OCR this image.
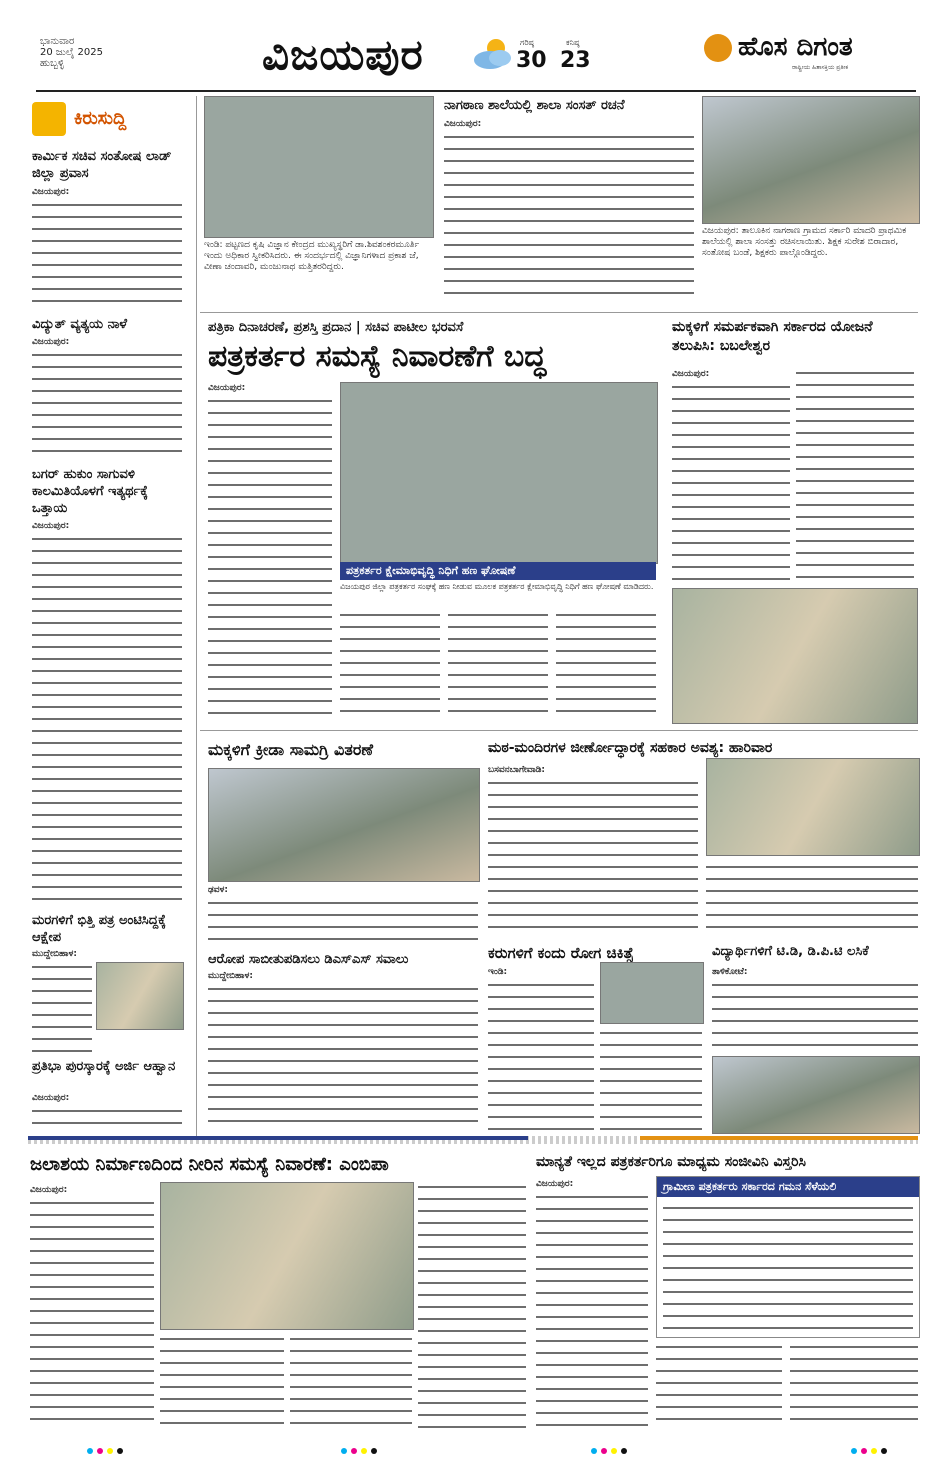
ಭಾನುವಾರ
20 ಜುಲೈ 2025
ಹುಬ್ಬಳ್ಳಿ	ವಿಜಯಪುರ	ಗರಿಷ್ಠ
30
ಕನಿಷ್ಠ
23	ಹೊಸ ದಿಗಂತ
ರಾಷ್ಟ್ರೀಯ ಹಿತಾಸಕ್ತಿಯ ಪ್ರತೀಕ
ಕಿರುಸುದ್ದಿ
ಕಾರ್ಮಿಕ ಸಚಿವ ಸಂತೋಷ ಲಾಡ್ ಜಿಲ್ಲಾ ಪ್ರವಾಸ
ವಿಜಯಪುರ:
ವಿದ್ಯುತ್ ವ್ಯತ್ಯಯ ನಾಳೆ
ವಿಜಯಪುರ:
ಬಗರ್ ಹುಕುಂ ಸಾಗುವಳಿ ಕಾಲಮಿತಿಯೊಳಗೆ ಇತ್ಯರ್ಥಕ್ಕೆ ಒತ್ತಾಯ
ವಿಜಯಪುರ:
ಮರಗಳಿಗೆ ಭಿತ್ತಿ ಪತ್ರ ಅಂಟಿಸಿದ್ದಕ್ಕೆ ಆಕ್ಷೇಪ
ಮುದ್ದೇಬಿಹಾಳ:
ಪ್ರತಿಭಾ ಪುರಸ್ಕಾರಕ್ಕೆ ಅರ್ಜಿ ಆಹ್ವಾನ
ವಿಜಯಪುರ:
ಇಂಡಿ: ಪಟ್ಟಣದ ಕೃಷಿ ವಿಜ್ಞಾನ ಕೇಂದ್ರದ ಮುಖ್ಯಸ್ಥರಿಗೆ ಡಾ.ಶಿವಶಂಕರಮೂರ್ತಿ ಇಂದು ಅಧಿಕಾರ ಸ್ವೀಕರಿಸಿದರು. ಈ ಸಂದರ್ಭದಲ್ಲಿ ವಿಜ್ಞಾನಿಗಳಾದ ಪ್ರಕಾಶ ಜೆ, ವೀಣಾ ಚಂದಾವರಿ, ಮಂಜುನಾಥ ಮತ್ತಿತರರಿದ್ದರು.
ನಾಗಠಾಣ ಶಾಲೆಯಲ್ಲಿ ಶಾಲಾ ಸಂಸತ್ ರಚನೆ
ವಿಜಯಪುರ:
ವಿಜಯಪುರ: ತಾಲೂಕಿನ ನಾಗಠಾಣ ಗ್ರಾಮದ ಸರ್ಕಾರಿ ಮಾದರಿ ಪ್ರಾಥಮಿಕ ಶಾಲೆಯಲ್ಲಿ ಶಾಲಾ ಸಂಸತ್ತು ರಚಿಸಲಾಯಿತು. ಶಿಕ್ಷಕ ಸುರೇಶ ಬಿರಾದಾರ, ಸಂತೋಷ ಬಂಡೆ, ಶಿಕ್ಷಕರು ಪಾಲ್ಗೊಂಡಿದ್ದರು.
ಪತ್ರಿಕಾ ದಿನಾಚರಣೆ, ಪ್ರಶಸ್ತಿ ಪ್ರದಾನ | ಸಚಿವ ಪಾಟೀಲ ಭರವಸೆ
ಪತ್ರಕರ್ತರ ಸಮಸ್ಯೆ ನಿವಾರಣೆಗೆ ಬದ್ಧ
ವಿಜಯಪುರ:
ಪತ್ರಕರ್ತರ ಕ್ಷೇಮಾಭಿವೃದ್ಧಿ ನಿಧಿಗೆ ಹಣ ಘೋಷಣೆ
ವಿಜಯಪುರ ಜಿಲ್ಲಾ ಪತ್ರಕರ್ತರ ಸಂಘಕ್ಕೆ ಹಣ ನೀಡುವ ಮೂಲಕ ಪತ್ರಕರ್ತರ ಕ್ಷೇಮಾಭಿವೃದ್ಧಿ ನಿಧಿಗೆ ಹಣ ಘೋಷಣೆ ಮಾಡಿದರು.
ಮಕ್ಕಳಿಗೆ ಸಮರ್ಪಕವಾಗಿ ಸರ್ಕಾರದ ಯೋಜನೆ ತಲುಪಿಸಿ: ಬಬಲೇಶ್ವರ
ವಿಜಯಪುರ:
ಮಕ್ಕಳಿಗೆ ಕ್ರೀಡಾ ಸಾಮಗ್ರಿ ವಿತರಣೆ
ಢವಳ:
ಮಠ-ಮಂದಿರಗಳ ಜೀರ್ಣೋದ್ಧಾರಕ್ಕೆ ಸಹಕಾರ ಅವಶ್ಯ: ಹಾರಿವಾರ
ಬಸವನಬಾಗೇವಾಡಿ:
ಆರೋಪ ಸಾಬೀತುಪಡಿಸಲು ಡಿಎಸ್‌ಎಸ್ ಸವಾಲು
ಮುದ್ದೇಬಿಹಾಳ:
ಕರುಗಳಿಗೆ ಕಂದು ರೋಗ ಚಿಕಿತ್ಸೆ
ಇಂಡಿ:
ವಿದ್ಯಾರ್ಥಿಗಳಿಗೆ ಟಿ.ಡಿ, ಡಿ.ಪಿ.ಟಿ ಲಸಿಕೆ
ತಾಳಿಕೋಟೆ:
ಜಲಾಶಯ ನಿರ್ಮಾಣದಿಂದ ನೀರಿನ ಸಮಸ್ಯೆ ನಿವಾರಣೆ: ಎಂಬಿಪಾ
ವಿಜಯಪುರ:
ಮಾನ್ಯತೆ ಇಲ್ಲದ ಪತ್ರಕರ್ತರಿಗೂ ಮಾಧ್ಯಮ ಸಂಜೀವಿನಿ ವಿಸ್ತರಿಸಿ
ವಿಜಯಪುರ:	ಗ್ರಾಮೀಣ ಪತ್ರಕರ್ತರು ಸರ್ಕಾರದ ಗಮನ ಸೆಳೆಯಲಿ
